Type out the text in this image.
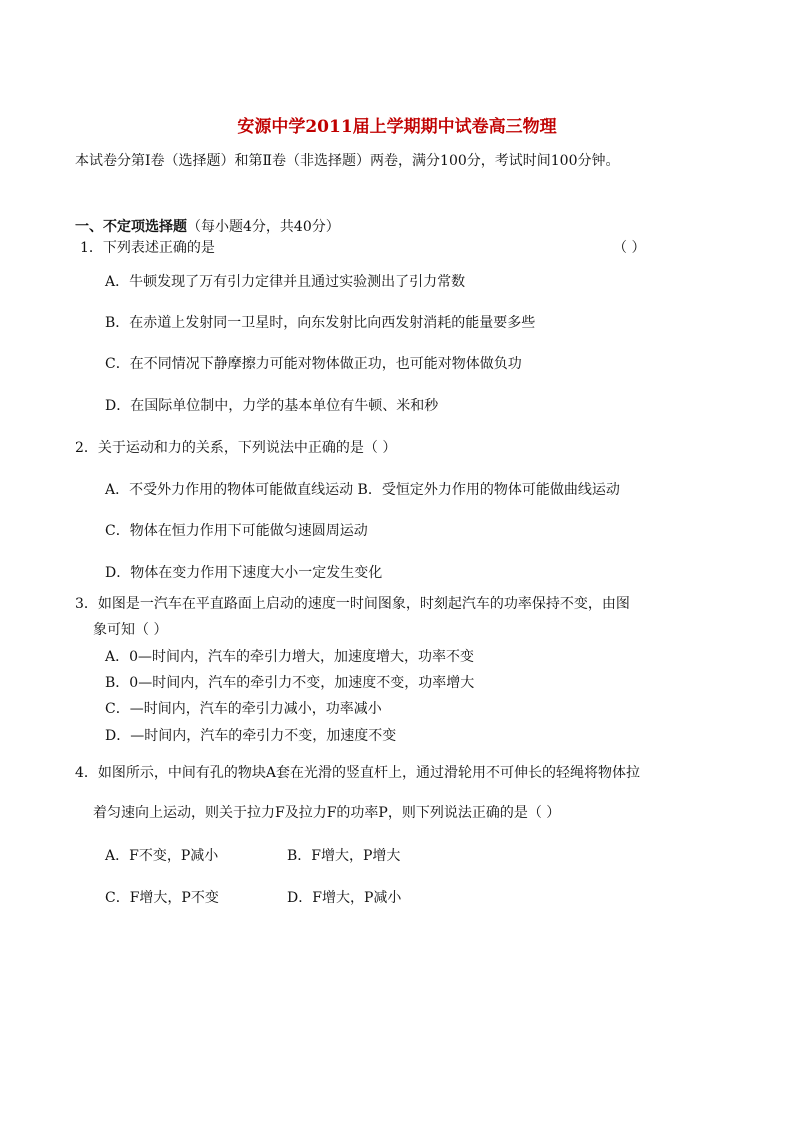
安源中学2011届上学期期中试卷高三物理
本试卷分第Ⅰ卷（选择题）和第Ⅱ卷（非选择题）两卷，满分100分，考试时间100分钟。
一、不定项选择题（每小题4分，共40分）
1．下列表述正确的是	（ ）
A．牛顿发现了万有引力定律并且通过实验测出了引力常数
B．在赤道上发射同一卫星时，向东发射比向西发射消耗的能量要多些
C．在不同情况下静摩擦力可能对物体做正功，也可能对物体做负功
D．在国际单位制中，力学的基本单位有牛顿、米和秒
2．关于运动和力的关系，下列说法中正确的是（ ）
A．不受外力作用的物体可能做直线运动 B．受恒定外力作用的物体可能做曲线运动
C．物体在恒力作用下可能做匀速圆周运动
D．物体在变力作用下速度大小一定发生变化
3．如图是一汽车在平直路面上启动的速度一时间图象，时刻起汽车的功率保持不变，由图
象可知（ ）
A．0—时间内，汽车的牵引力增大，加速度增大，功率不变
B．0—时间内，汽车的牵引力不变，加速度不变，功率增大
C．—时间内，汽车的牵引力减小，功率减小
D．—时间内，汽车的牵引力不变，加速度不变
4．如图所示，中间有孔的物块A套在光滑的竖直杆上，通过滑轮用不可伸长的轻绳将物体拉
着匀速向上运动，则关于拉力F及拉力F的功率P，则下列说法正确的是（ ）
A．F不变，P减小	B．F增大，P增大
C．F增大，P不变	D．F增大，P减小
